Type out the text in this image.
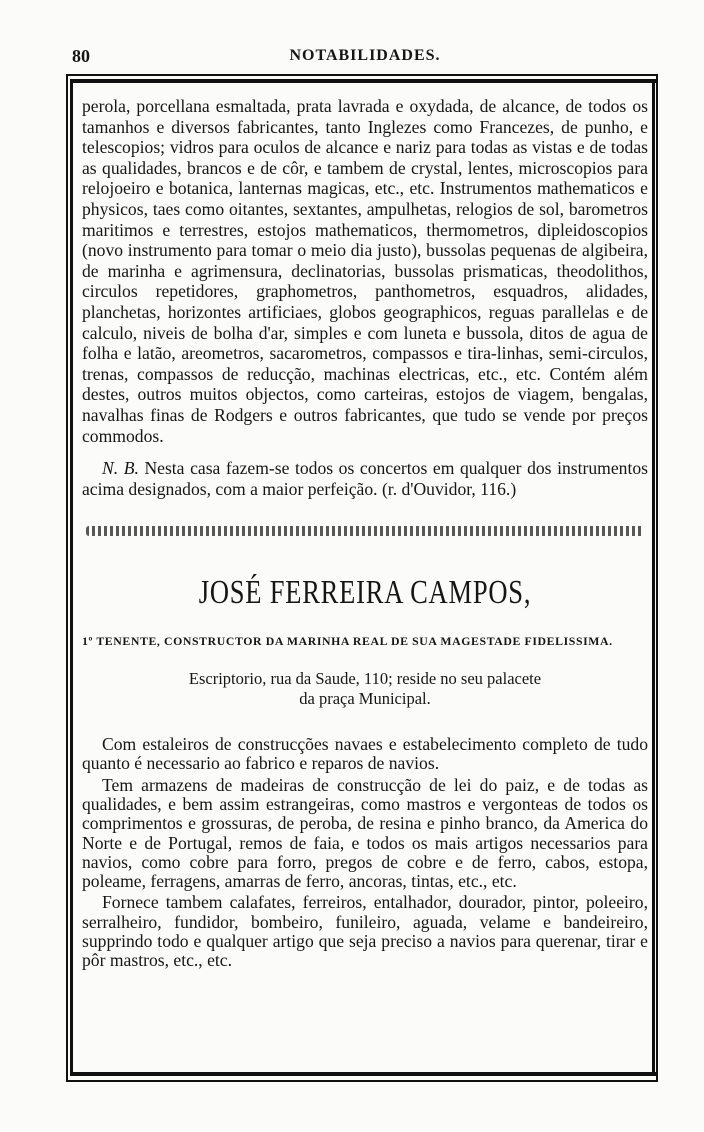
80	NOTABILIDADES.

perola, porcellana esmaltada, prata lavrada e oxydada, de alcance, de todos os tamanhos e diversos fabricantes, tanto Inglezes como Francezes, de punho, e telescopios; vidros para oculos de alcance e nariz para todas as vistas e de todas as qualidades, brancos e de côr, e tambem de crystal, lentes, microscopios para relojoeiro e botanica, lanternas magicas, etc., etc. Instrumentos mathematicos e physicos, taes como oitantes, sextantes, ampulhetas, relogios de sol, barometros maritimos e terrestres, estojos mathematicos, thermometros, dipleidoscopios (novo instrumento para tomar o meio dia justo), bussolas pequenas de algibeira, de marinha e agrimensura, declinatorias, bussolas prismaticas, theodolithos, circulos repetidores, graphometros, panthometros, esquadros, alidades, planchetas, horizontes artificiaes, globos geographicos, reguas parallelas e de calculo, niveis de bolha d'ar, simples e com luneta e bussola, ditos de agua de folha e latão, areometros, sacarometros, compassos e tira-linhas, semi-circulos, trenas, compassos de reducção, machinas electricas, etc., etc. Contém além destes, outros muitos objectos, como carteiras, estojos de viagem, bengalas, navalhas finas de Rodgers e outros fabricantes, que tudo se vende por preços commodos.

N. B. Nesta casa fazem-se todos os concertos em qualquer dos instrumentos acima designados, com a maior perfeição. (r. d'Ouvidor, 116.)

JOSÉ FERREIRA CAMPOS,
1º TENENTE, CONSTRUCTOR DA MARINHA REAL DE SUA MAGESTADE FIDELISSIMA.
Escriptorio, rua da Saude, 110; reside no seu palacete
da praça Municipal.

Com estaleiros de construcções navaes e estabelecimento completo de tudo quanto é necessario ao fabrico e reparos de navios.

Tem armazens de madeiras de construcção de lei do paiz, e de todas as qualidades, e bem assim estrangeiras, como mastros e vergonteas de todos os comprimentos e grossuras, de peroba, de resina e pinho branco, da America do Norte e de Portugal, remos de faia, e todos os mais artigos necessarios para navios, como cobre para forro, pregos de cobre e de ferro, cabos, estopa, poleame, ferragens, amarras de ferro, ancoras, tintas, etc., etc.

Fornece tambem calafates, ferreiros, entalhador, dourador, pintor, poleeiro, serralheiro, fundidor, bombeiro, funileiro, aguada, velame e bandeireiro, supprindo todo e qualquer artigo que seja preciso a navios para querenar, tirar e pôr mastros, etc., etc.
